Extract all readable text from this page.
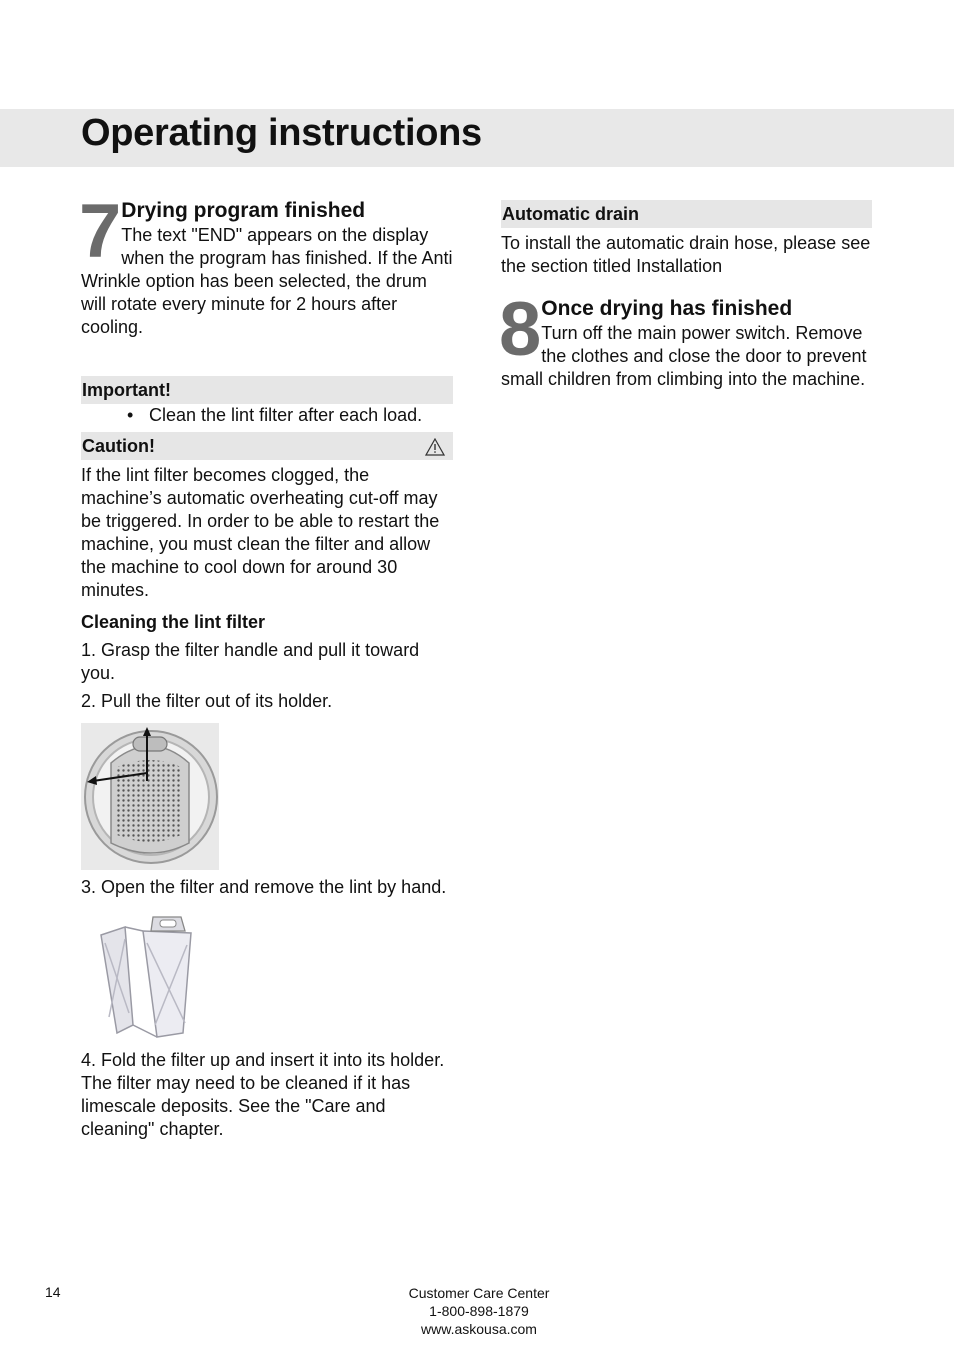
Operating instructions
7 Drying program finished

The text "END" appears on the display when the program has finished. If the Anti Wrinkle option has been selected, the drum will rotate every minute for 2 hours after cooling.

Important!

• Clean the lint filter after each load.

Caution!

If the lint filter becomes clogged, the machine’s automatic overheating cut-off may be triggered. In order to be able to restart the machine, you must clean the filter and allow the machine to cool down for around 30 minutes.

Cleaning the lint filter

1. Grasp the filter handle and pull it toward you.

2. Pull the filter out of its holder.

3. Open the filter and remove the lint by hand.

4. Fold the filter up and insert it into its holder. The filter may need to be cleaned if it has limescale deposits. See the "Care and cleaning" chapter.

Automatic drain

To install the automatic drain hose, please see the section titled Installation

8 Once drying has finished

Turn off the main power switch. Remove the clothes and close the door to prevent small children from climbing into the machine.

14	Customer Care Center
1-800-898-1879
www.askousa.com
